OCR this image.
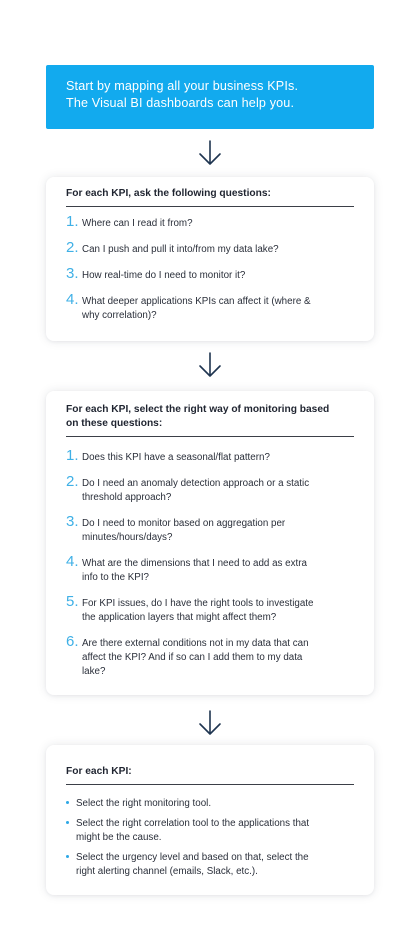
Start by mapping all your business KPIs.
The Visual BI dashboards can help you.
For each KPI, ask the following questions:
1. Where can I read it from?
2. Can I push and pull it into/from my data lake?
3. How real-time do I need to monitor it?
4. What deeper applications KPIs can affect it (where &
why correlation)?
For each KPI, select the right way of monitoring based
on these questions:
1. Does this KPI have a seasonal/flat pattern?
2. Do I need an anomaly detection approach or a static
threshold approach?
3. Do I need to monitor based on aggregation per
minutes/hours/days?
4. What are the dimensions that I need to add as extra
info to the KPI?
5. For KPI issues, do I have the right tools to investigate
the application layers that might affect them?
6. Are there external conditions not in my data that can
affect the KPI? And if so can I add them to my data
lake?
For each KPI:
Select the right monitoring tool.
Select the right correlation tool to the applications that
might be the cause.
Select the urgency level and based on that, select the
right alerting channel (emails, Slack, etc.).
